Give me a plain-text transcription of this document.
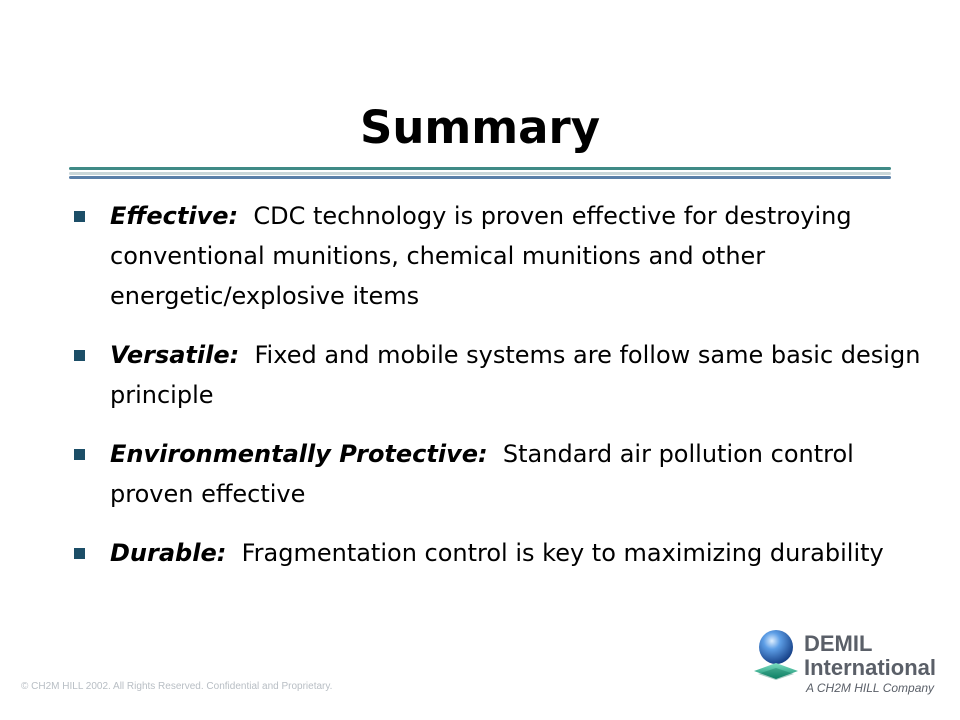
Summary
Effective: CDC technology is proven effective for destroying conventional munitions, chemical munitions and other energetic/explosive items
Versatile: Fixed and mobile systems are follow same basic design principle
Environmentally Protective: Standard air pollution control proven effective
Durable: Fragmentation control is key to maximizing durability
© CH2M HILL 2002. All Rights Reserved. Confidential and Proprietary.
DEMIL
International
A CH2M HILL Company
